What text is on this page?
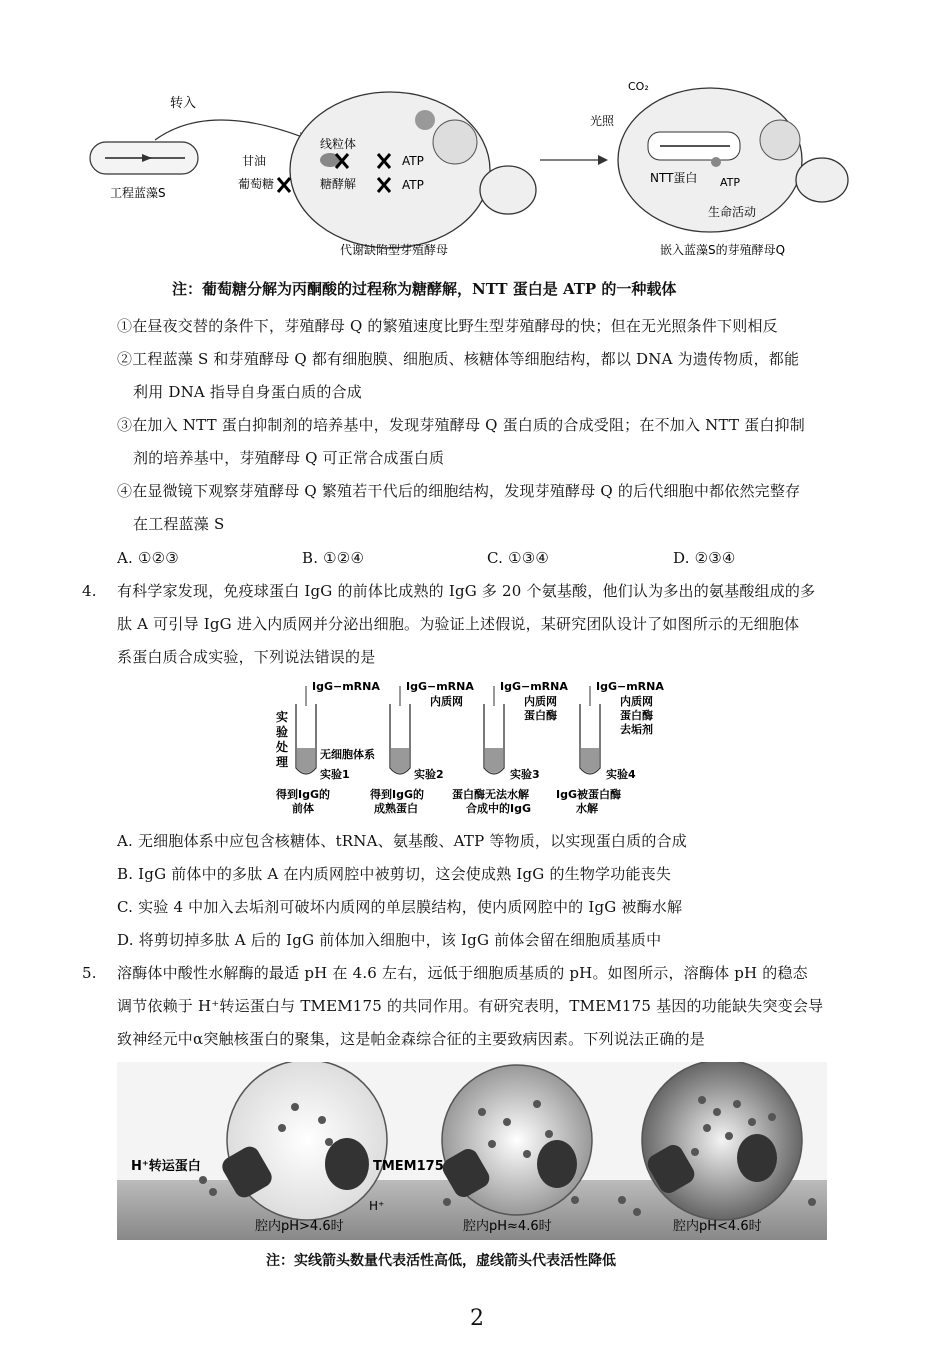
工程蓝藻S
转入
甘油
线粒体
葡萄糖	糖酵解
ATP
ATP
代谢缺陷型芽殖酵母
CO₂
光照
NTT蛋白 ATP
生命活动
嵌入蓝藻S的芽殖酵母Q
注：葡萄糖分解为丙酮酸的过程称为糖酵解，NTT 蛋白是 ATP 的一种载体
①在昼夜交替的条件下，芽殖酵母 Q 的繁殖速度比野生型芽殖酵母的快；但在无光照条件下则相反
②工程蓝藻 S 和芽殖酵母 Q 都有细胞膜、细胞质、核糖体等细胞结构，都以 DNA 为遗传物质，都能
利用 DNA 指导自身蛋白质的合成
③在加入 NTT 蛋白抑制剂的培养基中，发现芽殖酵母 Q 蛋白质的合成受阻；在不加入 NTT 蛋白抑制
剂的培养基中，芽殖酵母 Q 可正常合成蛋白质
④在显微镜下观察芽殖酵母 Q 繁殖若干代后的细胞结构，发现芽殖酵母 Q 的后代细胞中都依然完整存
在工程蓝藻 S
A. ①②③	B. ①②④	C. ①③④	D. ②③④
4. 有科学家发现，免疫球蛋白 IgG 的前体比成熟的 IgG 多 20 个氨基酸，他们认为多出的氨基酸组成的多
肽 A 可引导 IgG 进入内质网并分泌出细胞。为验证上述假说，某研究团队设计了如图所示的无细胞体
系蛋白质合成实验，下列说法错误的是
实验处理
IgG−mRNA IgG−mRNA IgG−mRNA	IgG−mRNA
无细胞体系
内质网	内质网
蛋白酶
内质网
蛋白酶
去垢剂
实验1	实验2	实验3	实验4
得到IgG的
前体
得到IgG的
成熟蛋白
蛋白酶无法水解
合成中的IgG
IgG被蛋白酶
水解
A. 无细胞体系中应包含核糖体、tRNA、氨基酸、ATP 等物质，以实现蛋白质的合成
B. IgG 前体中的多肽 A 在内质网腔中被剪切，这会使成熟 IgG 的生物学功能丧失
C. 实验 4 中加入去垢剂可破坏内质网的单层膜结构，使内质网腔中的 IgG 被酶水解
D. 将剪切掉多肽 A 后的 IgG 前体加入细胞中，该 IgG 前体会留在细胞质基质中
5. 溶酶体中酸性水解酶的最适 pH 在 4.6 左右，远低于细胞质基质的 pH。如图所示，溶酶体 pH 的稳态
调节依赖于 H⁺转运蛋白与 TMEM175 的共同作用。有研究表明，TMEM175 基因的功能缺失突变会导
致神经元中α突触核蛋白的聚集，这是帕金森综合征的主要致病因素。下列说法正确的是
H⁺转运蛋白	TMEM175
H⁺
腔内pH>4.6时	腔内pH≈4.6时	腔内pH<4.6时
注：实线箭头数量代表活性高低，虚线箭头代表活性降低
2
